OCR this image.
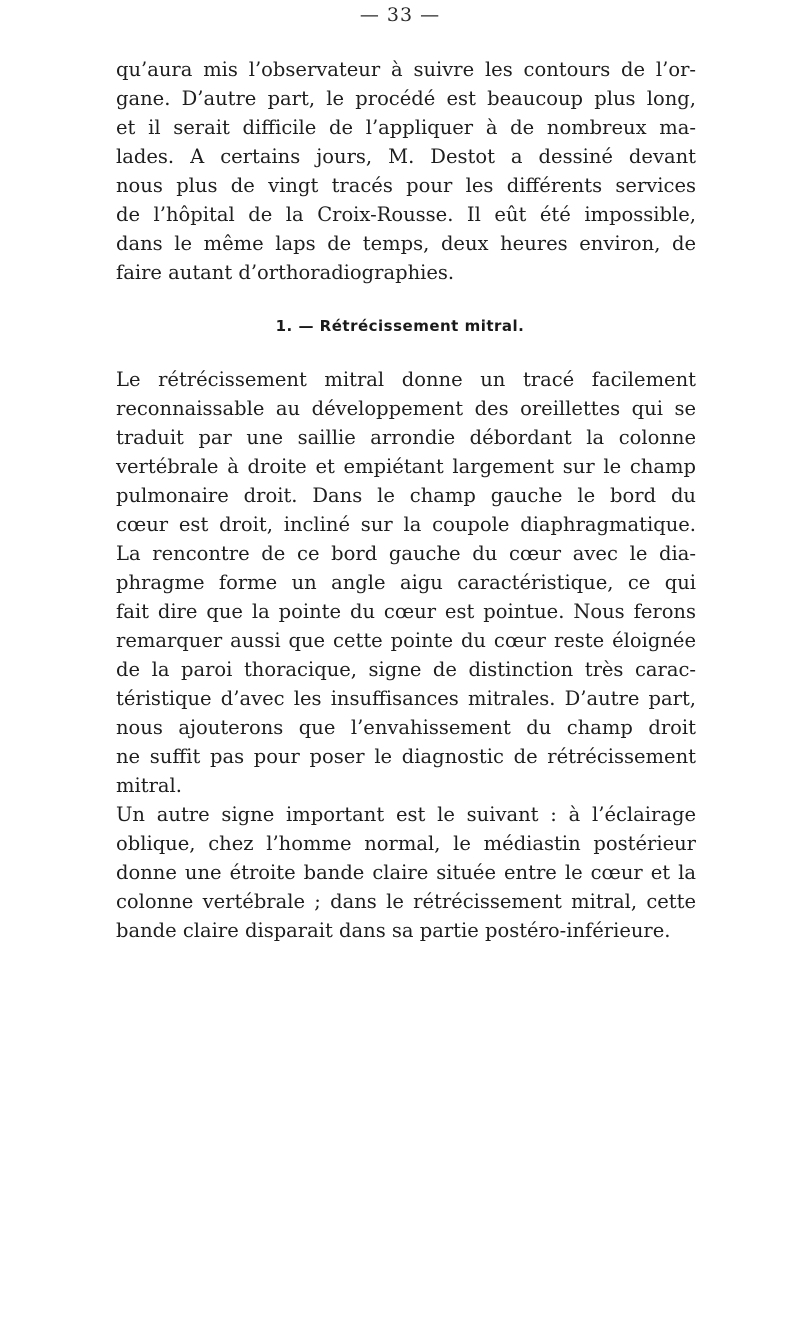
— 33 —
qu’aura mis l’observateur à suivre les contours de l’or-
gane. D’autre part, le procédé est beaucoup plus long,
et il serait difficile de l’appliquer à de nombreux ma-
lades. A certains jours, M. Destot a dessiné devant
nous plus de vingt tracés pour les différents services
de l’hôpital de la Croix-Rousse. Il eût été impossible,
dans le même laps de temps, deux heures environ, de
faire autant d’orthoradiographies.
1. — Rétrécissement mitral.
Le rétrécissement mitral donne un tracé facilement
reconnaissable au développement des oreillettes qui se
traduit par une saillie arrondie débordant la colonne
vertébrale à droite et empiétant largement sur le champ
pulmonaire droit. Dans le champ gauche le bord du
cœur est droit, incliné sur la coupole diaphragmatique.
La rencontre de ce bord gauche du cœur avec le dia-
phragme forme un angle aigu caractéristique, ce qui
fait dire que la pointe du cœur est pointue. Nous ferons
remarquer aussi que cette pointe du cœur reste éloignée
de la paroi thoracique, signe de distinction très carac-
téristique d’avec les insuffisances mitrales. D’autre part,
nous ajouterons que l’envahissement du champ droit
ne suffit pas pour poser le diagnostic de rétrécissement
mitral.
Un autre signe important est le suivant : à l’éclairage
oblique, chez l’homme normal, le médiastin postérieur
donne une étroite bande claire située entre le cœur et la
colonne vertébrale ; dans le rétrécissement mitral, cette
bande claire disparait dans sa partie postéro-inférieure.
